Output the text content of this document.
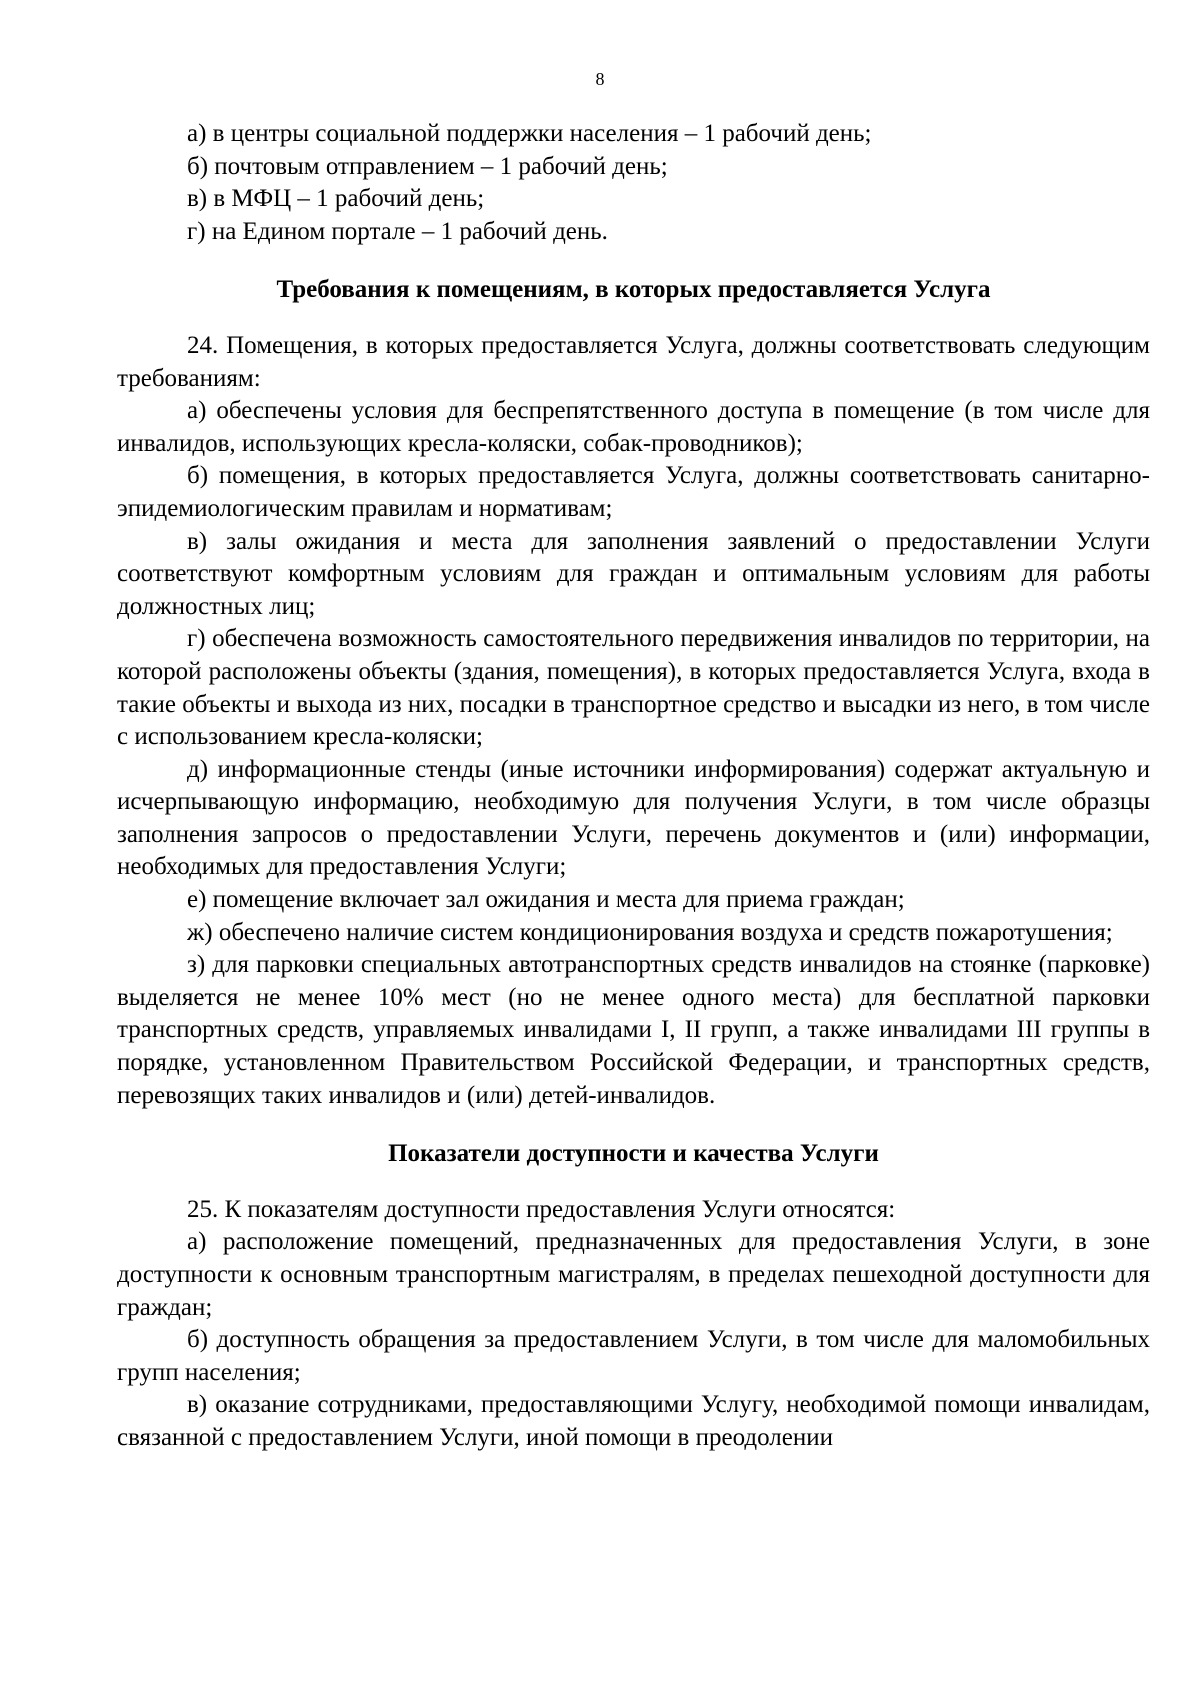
8

а) в центры социальной поддержки населения – 1 рабочий день;

б) почтовым отправлением – 1 рабочий день;

в) в МФЦ – 1 рабочий день;

г) на Едином портале – 1 рабочий день.

Требования к помещениям, в которых предоставляется Услуга

24. Помещения, в которых предоставляется Услуга, должны соответствовать следующим требованиям:

а) обеспечены условия для беспрепятственного доступа в помещение (в том числе для инвалидов, использующих кресла-коляски, собак-проводников);

б) помещения, в которых предоставляется Услуга, должны соответствовать санитарно-эпидемиологическим правилам и нормативам;

в) залы ожидания и места для заполнения заявлений о предоставлении Услуги соответствуют комфортным условиям для граждан и оптимальным условиям для работы должностных лиц;

г) обеспечена возможность самостоятельного передвижения инвалидов по территории, на которой расположены объекты (здания, помещения), в которых предоставляется Услуга, входа в такие объекты и выхода из них, посадки в транспортное средство и высадки из него, в том числе с использованием кресла-коляски;

д) информационные стенды (иные источники информирования) содержат актуальную и исчерпывающую информацию, необходимую для получения Услуги, в том числе образцы заполнения запросов о предоставлении Услуги, перечень документов и (или) информации, необходимых для предоставления Услуги;

е) помещение включает зал ожидания и места для приема граждан;

ж) обеспечено наличие систем кондиционирования воздуха и средств пожаротушения;

з) для парковки специальных автотранспортных средств инвалидов на стоянке (парковке) выделяется не менее 10% мест (но не менее одного места) для бесплатной парковки транспортных средств, управляемых инвалидами I, II групп, а также инвалидами III группы в порядке, установленном Правительством Российской Федерации, и транспортных средств, перевозящих таких инвалидов и (или) детей-инвалидов.

Показатели доступности и качества Услуги

25. К показателям доступности предоставления Услуги относятся:

а) расположение помещений, предназначенных для предоставления Услуги, в зоне доступности к основным транспортным магистралям, в пределах пешеходной доступности для граждан;

б) доступность обращения за предоставлением Услуги, в том числе для маломобильных групп населения;

в) оказание сотрудниками, предоставляющими Услугу, необходимой помощи инвалидам, связанной с предоставлением Услуги, иной помощи в преодолении
